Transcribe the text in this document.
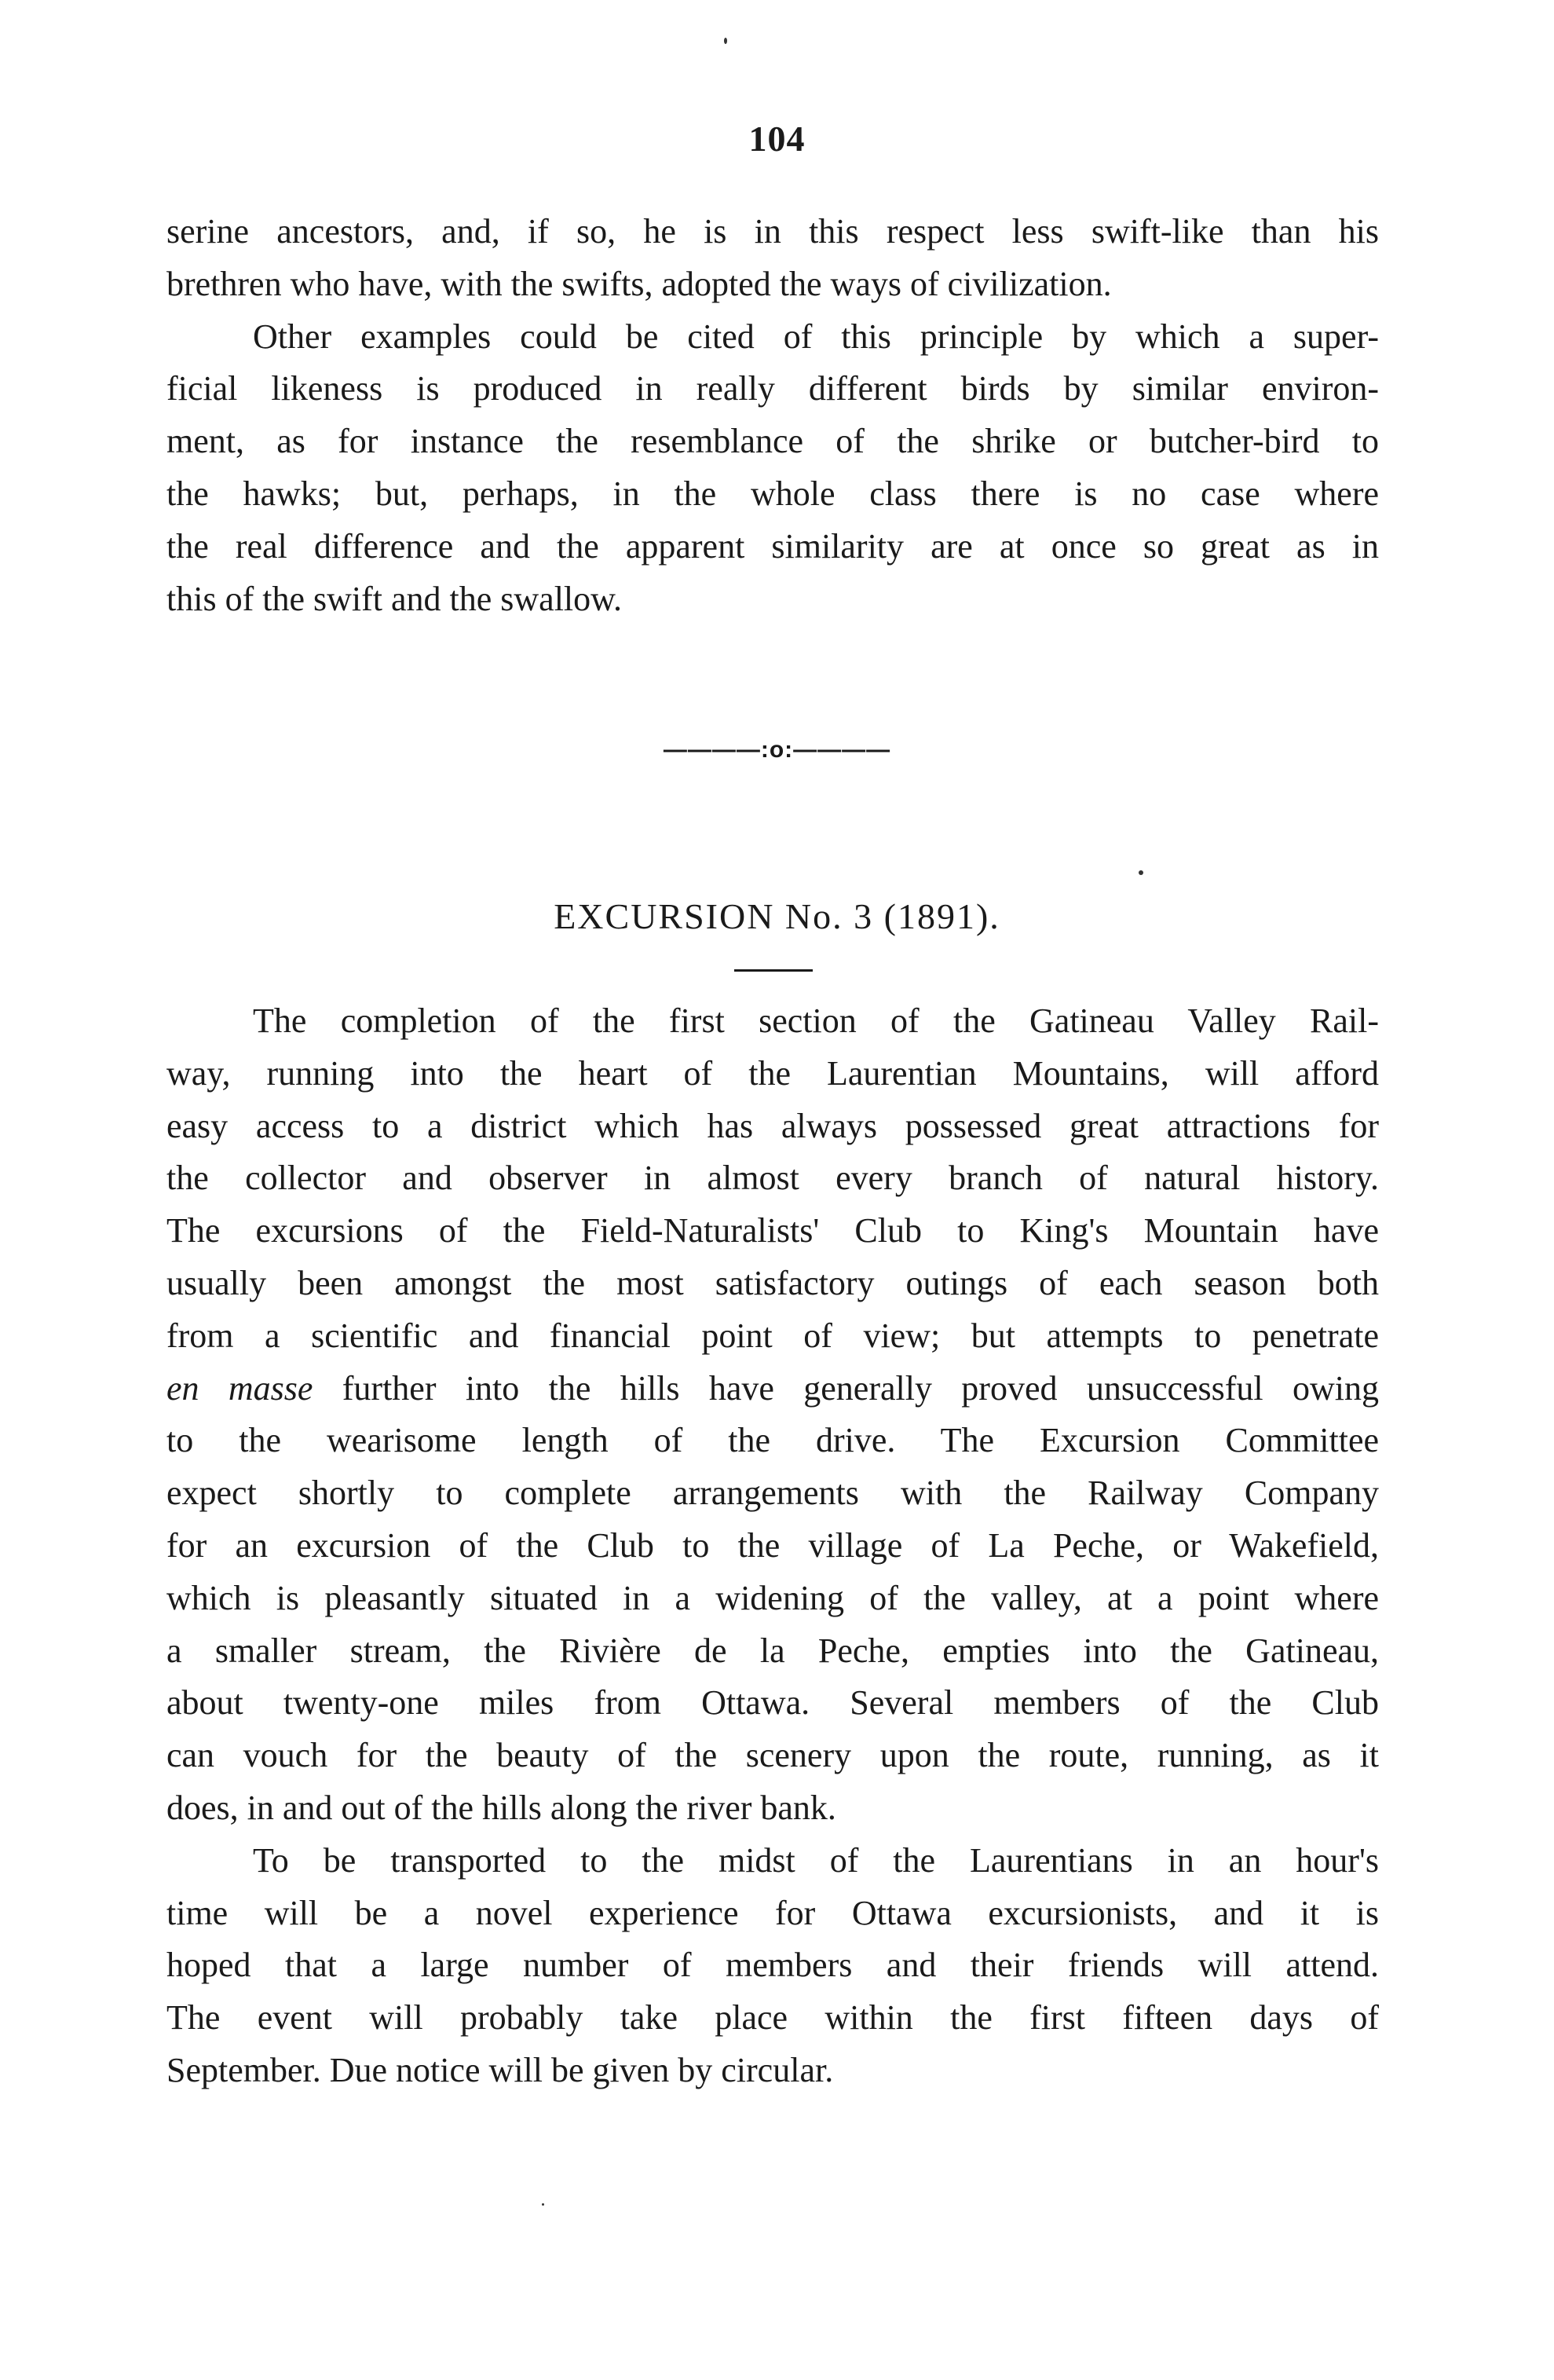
104
serine ancestors, and, if so, he is in this respect less swift-like than his
brethren who have, with the swifts, adopted the ways of civilization.
Other examples could be cited of this principle by which a super-
ficial likeness is produced in really different birds by similar environ-
ment, as for instance the resemblance of the shrike or butcher-bird to
the hawks; but, perhaps, in the whole class there is no case where
the real difference and the apparent similarity are at once so great as in
this of the swift and the swallow.
————:o:————
EXCURSION No. 3 (1891).
The completion of the first section of the Gatineau Valley Rail-
way, running into the heart of the Laurentian Mountains, will afford
easy access to a district which has always possessed great attractions for
the collector and observer in almost every branch of natural history.
The excursions of the Field-Naturalists' Club to King's Mountain have
usually been amongst the most satisfactory outings of each season both
from a scientific and financial point of view; but attempts to penetrate
en masse further into the hills have generally proved unsuccessful owing
to the wearisome length of the drive. The Excursion Committee
expect shortly to complete arrangements with the Railway Company
for an excursion of the Club to the village of La Peche, or Wakefield,
which is pleasantly situated in a widening of the valley, at a point where
a smaller stream, the Rivière de la Peche, empties into the Gatineau,
about twenty-one miles from Ottawa. Several members of the Club
can vouch for the beauty of the scenery upon the route, running, as it
does, in and out of the hills along the river bank.
To be transported to the midst of the Laurentians in an hour's
time will be a novel experience for Ottawa excursionists, and it is
hoped that a large number of members and their friends will attend.
The event will probably take place within the first fifteen days of
September. Due notice will be given by circular.
